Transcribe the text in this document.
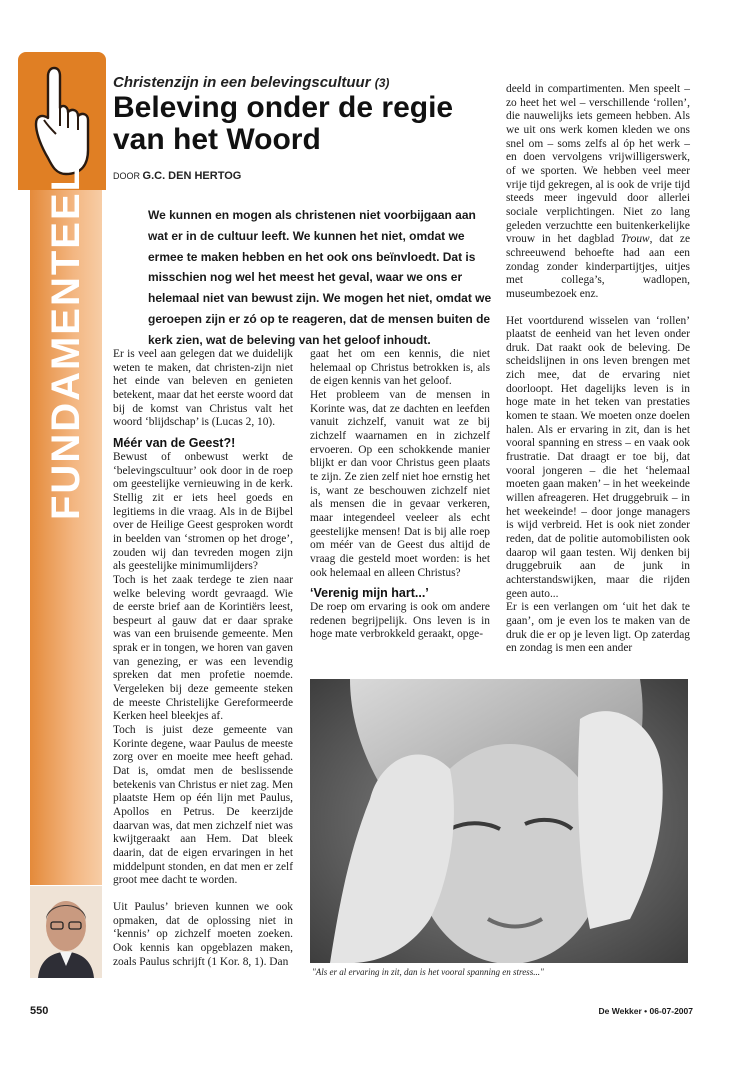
FUNDAMENTEEL
Christenzijn in een belevingscultuur (3)
Beleving onder de regie van het Woord
DOOR G.C. DEN HERTOG
We kunnen en mogen als christenen niet voorbijgaan aan wat er in de cultuur leeft. We kunnen het niet, omdat we ermee te maken hebben en het ook ons beïnvloedt. Dat is misschien nog wel het meest het geval, waar we ons er helemaal niet van bewust zijn. We mogen het niet, omdat we geroepen zijn er zó op te reageren, dat de mensen buiten de kerk zien, wat de beleving van het geloof inhoudt.

Er is veel aan gelegen dat we duidelijk weten te maken, dat christen-zijn niet het einde van beleven en genieten betekent, maar dat het eerste woord dat bij de komst van Christus valt het woord ‘blijdschap’ is (Lucas 2, 10).

Méér van de Geest?!

Bewust of onbewust werkt de ‘belevingscultuur’ ook door in de roep om geestelijke vernieuwing in de kerk. Stellig zit er iets heel goeds en legitiems in die vraag. Als in de Bijbel over de Heilige Geest gesproken wordt in beelden van ‘stromen op het droge’, zouden wij dan tevreden mogen zijn als geestelijke minimumlijders?

Toch is het zaak terdege te zien naar welke beleving wordt gevraagd. Wie de eerste brief aan de Korintiërs leest, bespeurt al gauw dat er daar sprake was van een bruisende gemeente. Men sprak er in tongen, we horen van gaven van genezing, er was een levendig spreken dat men profetie noemde. Vergeleken bij deze gemeente steken de meeste Christelijke Gereformeerde Kerken heel bleekjes af.

Toch is juist deze gemeente van Korinte degene, waar Paulus de meeste zorg over en moeite mee heeft gehad. Dat is, omdat men de beslissende betekenis van Christus er niet zag. Men plaatste Hem op één lijn met Paulus, Apollos en Petrus. De keerzijde daarvan was, dat men zichzelf niet was kwijtgeraakt aan Hem. Dat bleek daarin, dat de eigen ervaringen in het middelpunt stonden, en dat men er zelf groot mee dacht te worden.

Uit Paulus’ brieven kunnen we ook opmaken, dat de oplossing niet in ‘kennis’ op zichzelf moeten zoeken. Ook kennis kan opgeblazen maken, zoals Paulus schrijft (1 Kor. 8, 1). Dan

gaat het om een kennis, die niet helemaal op Christus betrokken is, als de eigen kennis van het geloof.

Het probleem van de mensen in Korinte was, dat ze dachten en leefden vanuit zichzelf, vanuit wat ze bij zichzelf waarnamen en in zichzelf ervoeren. Op een schokkende manier blijkt er dan voor Christus geen plaats te zijn. Ze zien zelf niet hoe ernstig het is, want ze beschouwen zichzelf niet als mensen die in gevaar verkeren, maar integendeel veeleer als echt geestelijke mensen! Dat is bij alle roep om méér van de Geest dus altijd de vraag die gesteld moet worden: is het ook helemaal en alleen Christus?

‘Verenig mijn hart...’

De roep om ervaring is ook om andere redenen begrijpelijk. Ons leven is in hoge mate verbrokkeld geraakt, opge-

deeld in compartimenten. Men speelt – zo heet het wel – verschillende ‘rollen’, die nauwelijks iets gemeen hebben. Als we uit ons werk komen kleden we ons snel om – soms zelfs al óp het werk – en doen vervolgens vrijwilligerswerk, of we sporten. We hebben veel meer vrije tijd gekregen, al is ook de vrije tijd steeds meer ingevuld door allerlei sociale verplichtingen. Niet zo lang geleden verzuchtte een buitenkerkelijke vrouw in het dagblad Trouw, dat ze schreeuwend behoefte had aan een zondag zonder kinderpartijtjes, uitjes met collega’s, wadlopen, museumbezoek enz.

Het voortdurend wisselen van ‘rollen’ plaatst de eenheid van het leven onder druk. Dat raakt ook de beleving. De scheidslijnen in ons leven brengen met zich mee, dat de ervaring niet doorloopt. Het dagelijks leven is in hoge mate in het teken van prestaties komen te staan. We moeten onze doelen halen. Als er ervaring in zit, dan is het vooral spanning en stress – en vaak ook frustratie. Dat draagt er toe bij, dat vooral jongeren – die het ‘helemaal moeten gaan maken’ – in het weekeinde willen afreageren. Het druggebruik – in het weekeinde! – door jonge managers is wijd verbreid. Het is ook niet zonder reden, dat de politie automobilisten ook daarop wil gaan testen. Wij denken bij druggebruik aan de junk in achterstandswijken, maar die rijden geen auto...

Er is een verlangen om ‘uit het dak te gaan’, om je even los te maken van de druk die er op je leven ligt. Op zaterdag en zondag is men een ander

"Als er al ervaring in zit, dan is het vooral spanning en stress..."
550	De Wekker • 06-07-2007
